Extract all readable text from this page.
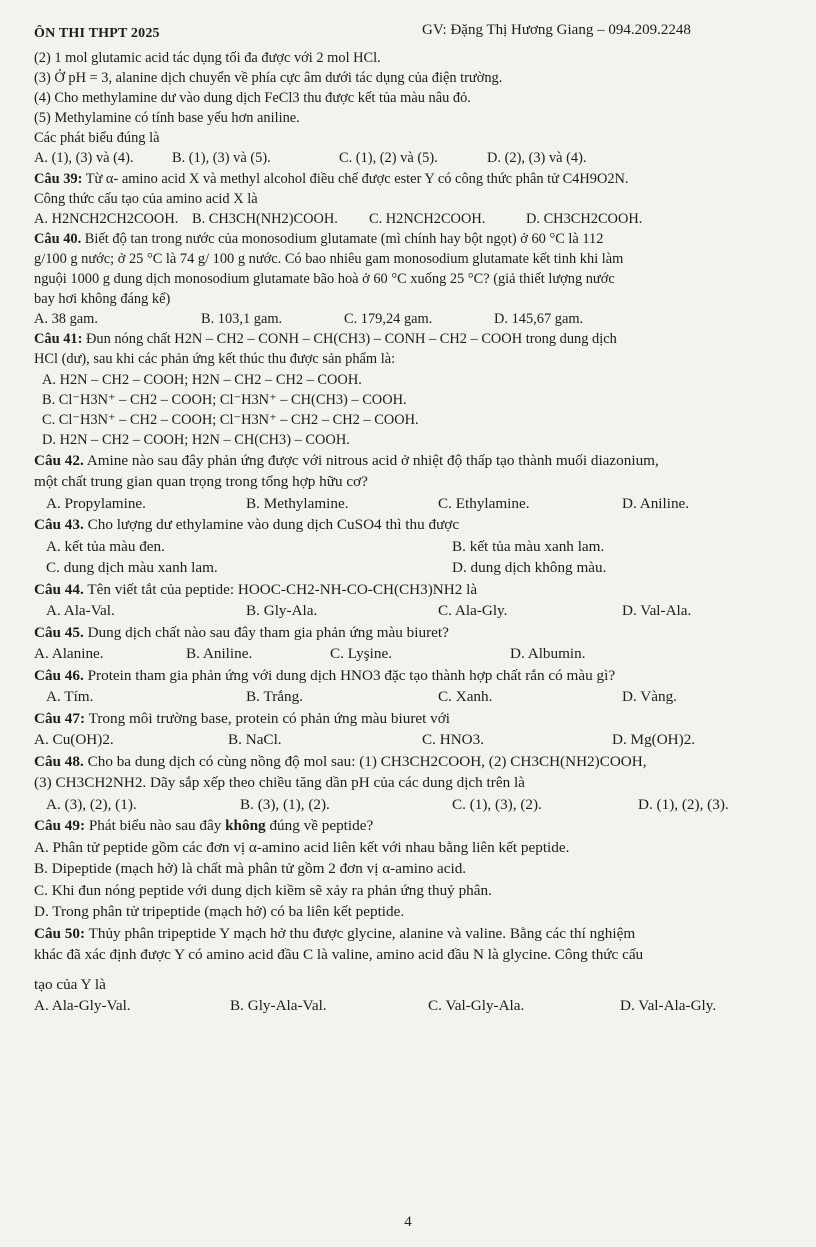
ÔN THI THPT 2025	GV: Đặng Thị Hương Giang – 094.209.2248
(2) 1 mol glutamic acid tác dụng tối đa được với 2 mol HCl.
(3) Ở pH = 3, alanine dịch chuyển về phía cực âm dưới tác dụng của điện trường.
(4) Cho methylamine dư vào dung dịch FeCl3 thu được kết tủa màu nâu đỏ.
(5) Methylamine có tính base yếu hơn aniline.
Các phát biểu đúng là
A. (1), (3) và (4).	B. (1), (3) và (5).	C. (1), (2) và (5).	D. (2), (3) và (4).
Câu 39: Từ α- amino acid X và methyl alcohol điều chế được ester Y có công thức phân tử C4H9O2N.
Công thức cấu tạo của amino acid X là
A. H2NCH2CH2COOH. B. CH3CH(NH2)COOH. C. H2NCH2COOH.	D. CH3CH2COOH.
Câu 40. Biết độ tan trong nước của monosodium glutamate (mì chính hay bột ngọt) ở 60 °C là 112
g/100 g nước; ở 25 °C là 74 g/ 100 g nước. Có bao nhiêu gam monosodium glutamate kết tinh khi làm
nguội 1000 g dung dịch monosodium glutamate bão hoà ở 60 °C xuống 25 °C? (giả thiết lượng nước
bay hơi không đáng kể)
A. 38 gam.	B. 103,1 gam.	C. 179,24 gam.	D. 145,67 gam.
Câu 41: Đun nóng chất H2N – CH2 – CONH – CH(CH3) – CONH – CH2 – COOH trong dung dịch
HCl (dư), sau khi các phản ứng kết thúc thu được sản phẩm là:
A. H2N – CH2 – COOH; H2N – CH2 – CH2 – COOH.
B. Cl⁻H3N⁺ – CH2 – COOH; Cl⁻H3N⁺ – CH(CH3) – COOH.
C. Cl⁻H3N⁺ – CH2 – COOH; Cl⁻H3N⁺ – CH2 – CH2 – COOH.
D. H2N – CH2 – COOH; H2N – CH(CH3) – COOH.
Câu 42. Amine nào sau đây phản ứng được với nitrous acid ở nhiệt độ thấp tạo thành muối diazonium,
một chất trung gian quan trọng trong tổng hợp hữu cơ?
A. Propylamine.	B. Methylamine.	C. Ethylamine.	D. Aniline.
Câu 43. Cho lượng dư ethylamine vào dung dịch CuSO4 thì thu được
A. kết tủa màu đen.	B. kết tủa màu xanh lam.
C. dung dịch màu xanh lam.	D. dung dịch không màu.
Câu 44. Tên viết tắt của peptide: HOOC-CH2-NH-CO-CH(CH3)NH2 là
A. Ala-Val.	B. Gly-Ala.	C. Ala-Gly.	D. Val-Ala.
Câu 45. Dung dịch chất nào sau đây tham gia phản ứng màu biuret?
A. Alanine.	B. Aniline.	C. Lyşine.	D. Albumin.
Câu 46. Protein tham gia phản ứng với dung dịch HNO3 đặc tạo thành hợp chất rắn có màu gì?
A. Tím.	B. Trắng.	C. Xanh.	D. Vàng.
Câu 47: Trong môi trường base, protein có phản ứng màu biuret với
A. Cu(OH)2.	B. NaCl.	C. HNO3.	D. Mg(OH)2.
Câu 48. Cho ba dung dịch có cùng nồng độ mol sau: (1) CH3CH2COOH, (2) CH3CH(NH2)COOH,
(3) CH3CH2NH2. Dãy sắp xếp theo chiều tăng dần pH của các dung dịch trên là
A. (3), (2), (1).	B. (3), (1), (2).	C. (1), (3), (2).	D. (1), (2), (3).
Câu 49: Phát biểu nào sau đây không đúng về peptide?
A. Phân tử peptide gồm các đơn vị α-amino acid liên kết với nhau bằng liên kết peptide.
B. Dipeptide (mạch hở) là chất mà phân tử gồm 2 đơn vị α-amino acid.
C. Khi đun nóng peptide với dung dịch kiềm sẽ xảy ra phản ứng thuỷ phân.
D. Trong phân tử tripeptide (mạch hở) có ba liên kết peptide.
Câu 50: Thủy phân tripeptide Y mạch hở thu được glycine, alanine và valine. Bằng các thí nghiệm
khác đã xác định được Y có amino acid đầu C là valine, amino acid đầu N là glycine. Công thức cấu
tạo của Y là
A. Ala-Gly-Val.	B. Gly-Ala-Val.	C. Val-Gly-Ala.	D. Val-Ala-Gly.
4
